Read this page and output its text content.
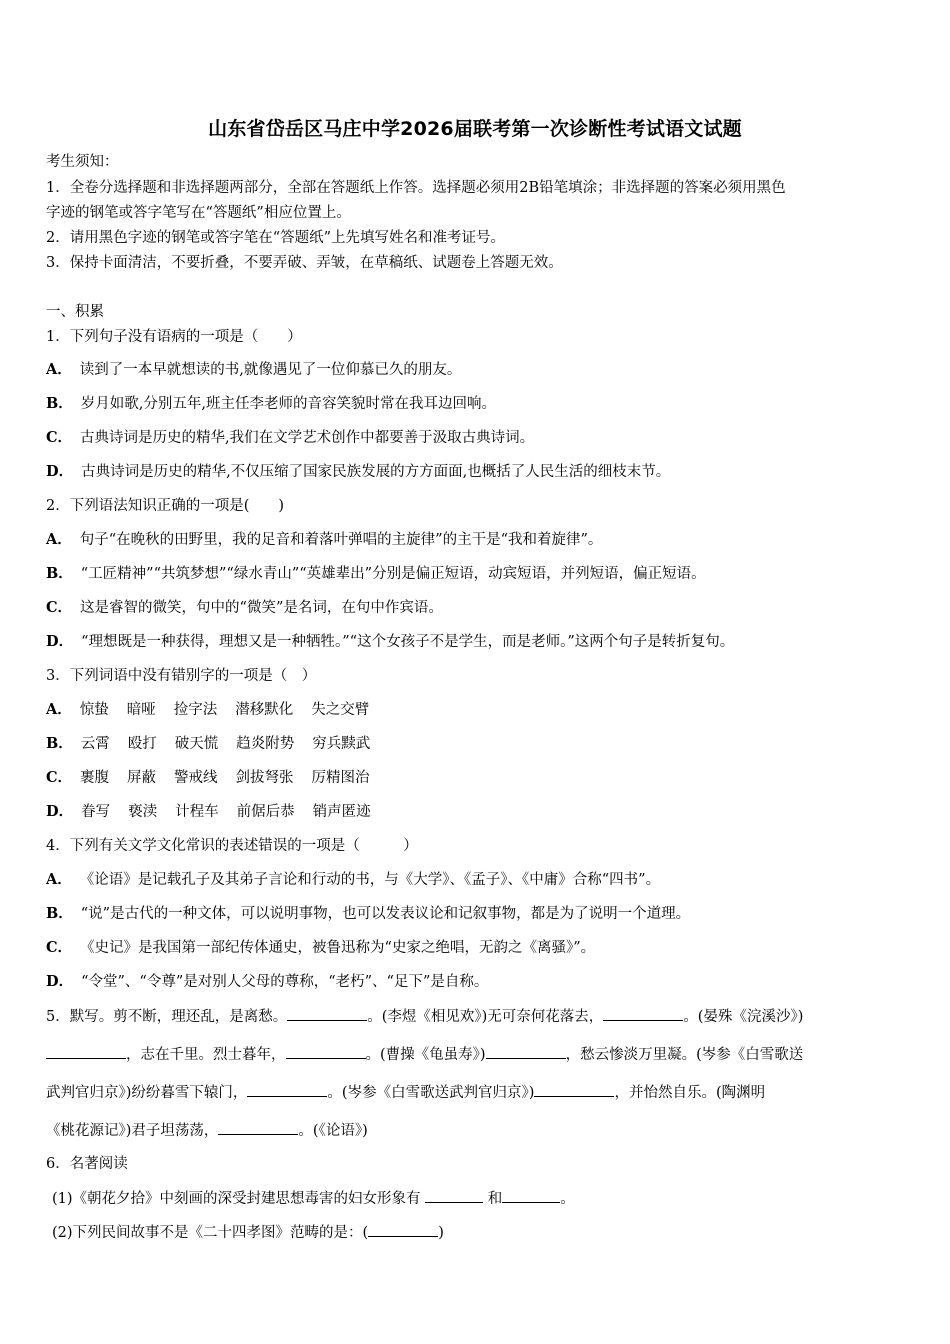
山东省岱岳区马庄中学2026届联考第一次诊断性考试语文试题
考生须知：
1．全卷分选择题和非选择题两部分，全部在答题纸上作答。选择题必须用2B铅笔填涂；非选择题的答案必须用黑色
字迹的钢笔或答字笔写在“答题纸”相应位置上。
2．请用黑色字迹的钢笔或答字笔在“答题纸”上先填写姓名和准考证号。
3．保持卡面清洁，不要折叠，不要弄破、弄皱，在草稿纸、试题卷上答题无效。
一、积累
1．下列句子没有语病的一项是（　　）
A． 读到了一本早就想读的书,就像遇见了一位仰慕已久的朋友。
B． 岁月如歌,分别五年,班主任李老师的音容笑貌时常在我耳边回响。
C． 古典诗词是历史的精华,我们在文学艺术创作中都要善于汲取古典诗词。
D． 古典诗词是历史的精华,不仅压缩了国家民族发展的方方面面,也概括了人民生活的细枝末节。
2．下列语法知识正确的一项是(　　)
A． 句子“在晚秋的田野里，我的足音和着落叶弹唱的主旋律”的主干是“我和着旋律”。
B． “工匠精神”“共筑梦想”“绿水青山”“英雄辈出”分别是偏正短语，动宾短语，并列短语，偏正短语。
C． 这是睿智的微笑，句中的“微笑”是名词，在句中作宾语。
D． “理想既是一种获得，理想又是一种牺牲。”“这个女孩子不是学生，而是老师。”这两个句子是转折复句。
3．下列词语中没有错别字的一项是（　）
A． 惊蛰 暗哑 捡字法 潜移默化 失之交臂
B． 云霄 殴打 破天慌 趋炎附势 穷兵黩武
C． 裹腹 屏蔽 警戒线 剑拔弩张 厉精图治
D． 眷写 亵渎 计程车 前倨后恭 销声匿迹
4．下列有关文学文化常识的表述错误的一项是（　　　）
A． 《论语》是记载孔子及其弟子言论和行动的书，与《大学》、《孟子》、《中庸》合称“四书”。
B． “说”是古代的一种文体，可以说明事物，也可以发表议论和记叙事物，都是为了说明一个道理。
C． 《史记》是我国第一部纪传体通史，被鲁迅称为“史家之绝唱，无韵之《离骚》”。
D． “令堂”、“令尊”是对别人父母的尊称，“老朽”、“足下”是自称。
5．默写。剪不断，理还乱，是离愁。	。(李煜《相见欢》)无可奈何花落去，	。(晏殊《浣溪沙》)
，志在千里。烈士暮年，	。(曹操《龟虽寿》)	，愁云惨淡万里凝。(岑参《白雪歌送
武判官归京》)纷纷暮雪下辕门，	。(岑参《白雪歌送武判官归京》)	，并怡然自乐。(陶渊明
《桃花源记》)君子坦荡荡，	。(《论语》)
6．名著阅读
(1)《朝花夕拾》中刻画的深受封建思想毒害的妇女形象有	和	。
(2)下列民间故事不是《二十四孝图》范畴的是：(	)
